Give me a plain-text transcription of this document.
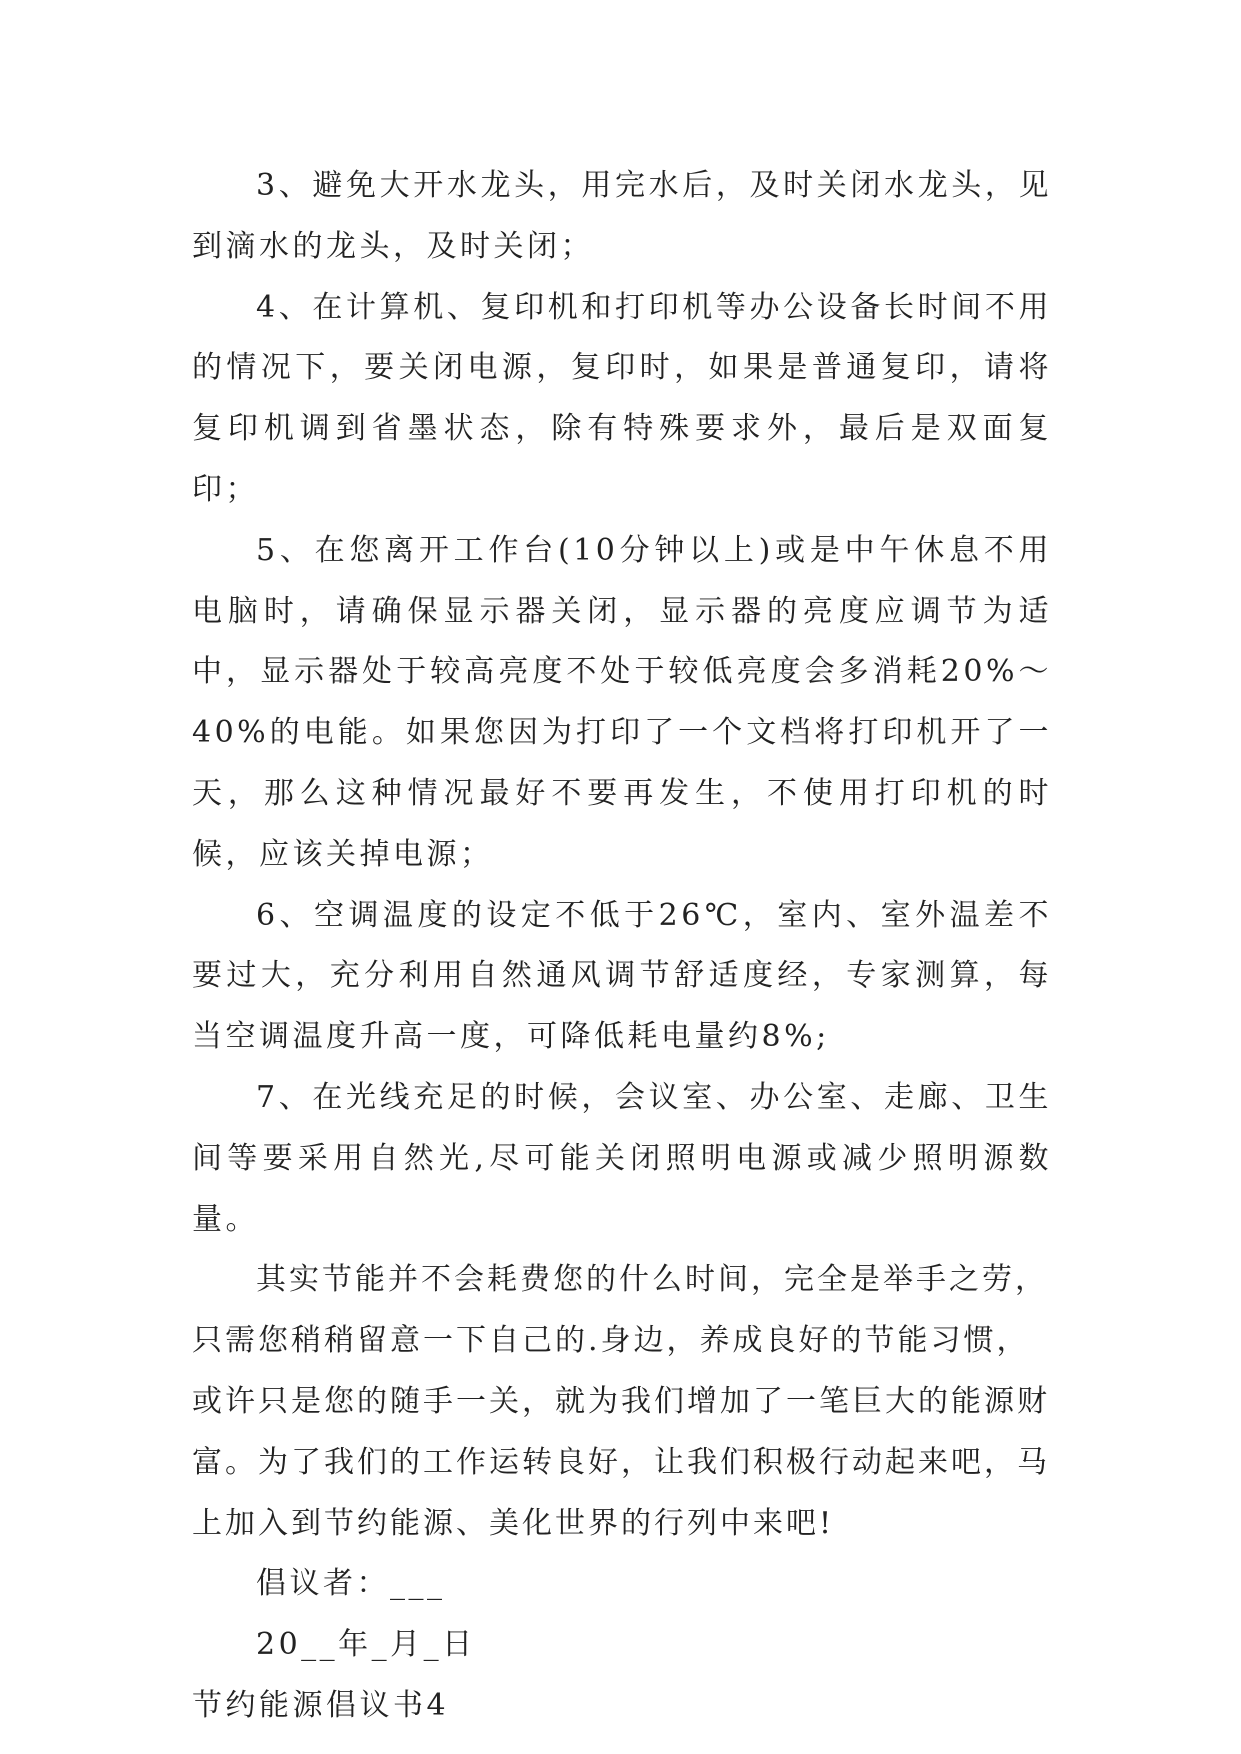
3、避免大开水龙头，用完水后，及时关闭水龙头，见到滴水的龙头，及时关闭；

4、在计算机、复印机和打印机等办公设备长时间不用的情况下，要关闭电源，复印时，如果是普通复印，请将复印机调到省墨状态，除有特殊要求外，最后是双面复印；

5、在您离开工作台(10分钟以上)或是中午休息不用电脑时，请确保显示器关闭，显示器的亮度应调节为适中，显示器处于较高亮度不处于较低亮度会多消耗20%～40%的电能。如果您因为打印了一个文档将打印机开了一天，那么这种情况最好不要再发生，不使用打印机的时候，应该关掉电源；

6、空调温度的设定不低于26℃，室内、室外温差不要过大，充分利用自然通风调节舒适度经，专家测算，每当空调温度升高一度，可降低耗电量约8%;

7、在光线充足的时候，会议室、办公室、走廊、卫生间等要采用自然光,尽可能关闭照明电源或减少照明源数量。

其实节能并不会耗费您的什么时间，完全是举手之劳，只需您稍稍留意一下自己的.身边，养成良好的节能习惯，或许只是您的随手一关，就为我们增加了一笔巨大的能源财富。为了我们的工作运转良好，让我们积极行动起来吧，马上加入到节约能源、美化世界的行列中来吧!

倡议者：___

20__年_月_日

节约能源倡议书4
